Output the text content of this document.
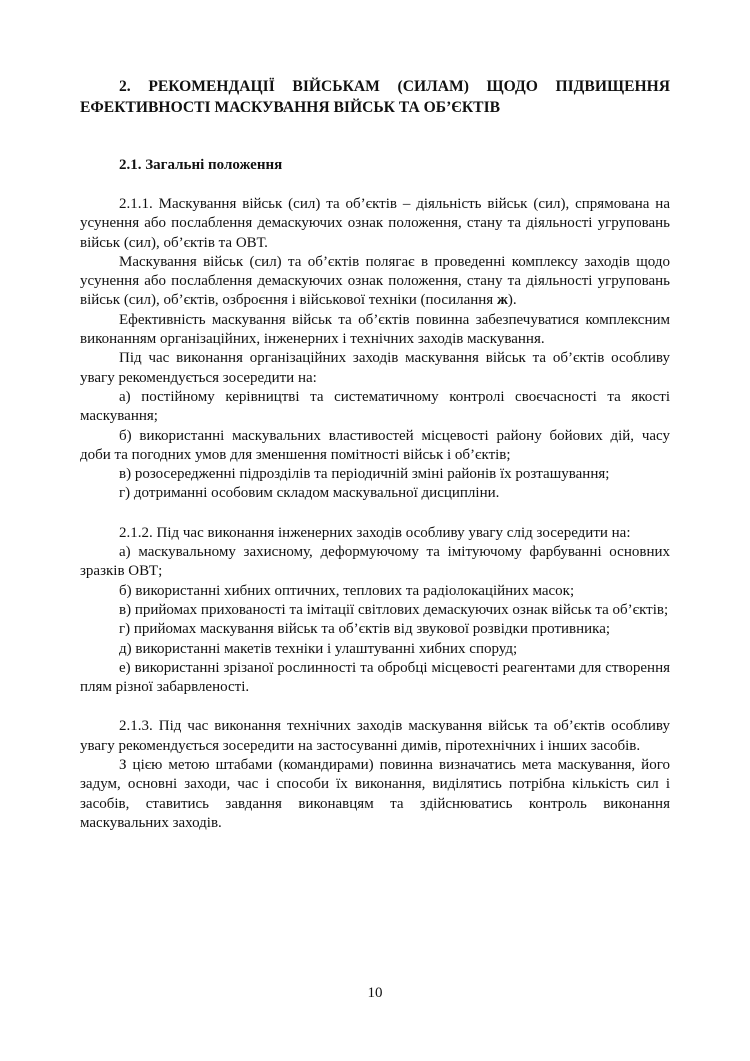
2. РЕКОМЕНДАЦІЇ ВІЙСЬКАМ (СИЛАМ) ЩОДО ПІДВИЩЕННЯ ЕФЕКТИВНОСТІ МАСКУВАННЯ ВІЙСЬК ТА ОБ’ЄКТІВ

2.1. Загальні положення

2.1.1. Маскування військ (сил) та об’єктів – діяльність військ (сил), спрямована на усунення або послаблення демаскуючих ознак положення, стану та діяльності угруповань військ (сил), об’єктів та ОВТ.

Маскування військ (сил) та об’єктів полягає в проведенні комплексу заходів щодо усунення або послаблення демаскуючих ознак положення, стану та діяльності угруповань військ (сил), об’єктів, озброєння і військової техніки (посилання ж).

Ефективність маскування військ та об’єктів повинна забезпечуватися комплексним виконанням організаційних, інженерних і технічних заходів маскування.

Під час виконання організаційних заходів маскування військ та об’єктів особливу увагу рекомендується зосередити на:

а) постійному керівництві та систематичному контролі своєчасності та якості маскування;

б) використанні маскувальних властивостей місцевості району бойових дій, часу доби та погодних умов для зменшення помітності військ і об’єктів;

в) розосередженні підрозділів та періодичній зміні районів їх розташування;

г) дотриманні особовим складом маскувальної дисципліни.

2.1.2. Під час виконання інженерних заходів особливу увагу слід зосередити на:

а) маскувальному захисному, деформуючому та імітуючому фарбуванні основних зразків ОВТ;

б) використанні хибних оптичних, теплових та радіолокаційних масок;

в) прийомах прихованості та імітації світлових демаскуючих ознак військ та об’єктів;

г) прийомах маскування військ та об’єктів від звукової розвідки противника;

д) використанні макетів техніки і улаштуванні хибних споруд;

е) використанні зрізаної рослинності та обробці місцевості реагентами для створення плям різної забарвленості.

2.1.3. Під час виконання технічних заходів маскування військ та об’єктів особливу увагу рекомендується зосередити на застосуванні димів, піротехнічних і інших засобів.

З цією метою штабами (командирами) повинна визначатись мета маскування, його задум, основні заходи, час і способи їх виконання, виділятись потрібна кількість сил і засобів, ставитись завдання виконавцям та здійснюватись контроль виконання маскувальних заходів.

10
